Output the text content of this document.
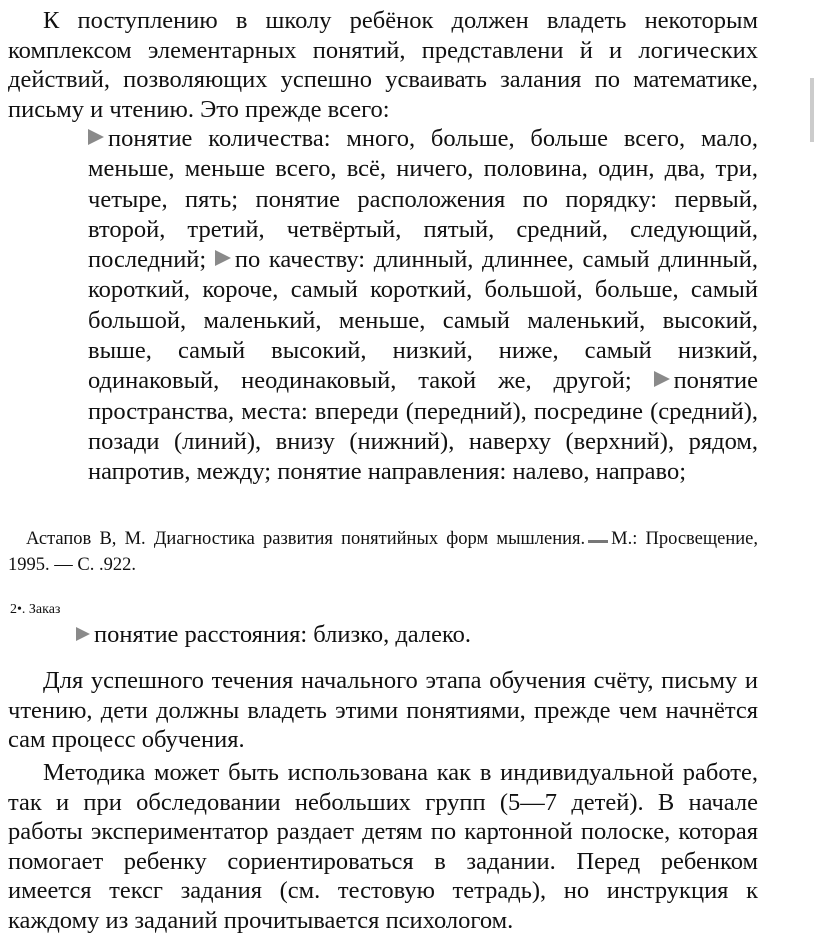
К поступлению в школу ребёнок должен владеть некоторым комплексом элементарных понятий, представлени й и логических действий, позволяющих успешно усваивать залания по математике, письму и чтению. Это прежде всего:

понятие количества: много, больше, больше всего, мало, меньше, меньше всего, всё, ничего, половина, один, два, три, четыре, пять; понятие расположения по порядку: первый, второй, третий, четвёртый, пятый, средний, следующий, последний; по качеству: длинный, длиннее, самый длинный, короткий, короче, самый короткий, большой, больше, самый большой, маленький, меньше, самый маленький, высокий, выше, самый высокий, низкий, ниже, самый низкий, одинаковый, неодинаковый, такой же, другой; понятие пространства, места: впереди (передний), посредине (средний), позади (линий), внизу (нижний), наверху (верхний), рядом, напротив, между; понятие направления: налево, направо;

Астапов В, М. Диагностика развития понятийных форм мышления. М.: Просвещение, 1995. — С. .922.

2•. Заказ
понятие расстояния: близко, далеко.

Для успешного течения начального этапа обучения счёту, письму и чтению, дети должны владеть этими понятиями, прежде чем начнётся сам процесс обучения.

Методика может быть использована как в индивидуальной работе, так и при обследовании небольших групп (5—7 детей). В начале работы экспериментатор раздает детям по картонной полоске, которая помогает ребенку сориентироваться в задании. Перед ребенком имеется тексг задания (см. тестовую тетрадь), но инструкция к каждому из заданий прочитывается психологом.
